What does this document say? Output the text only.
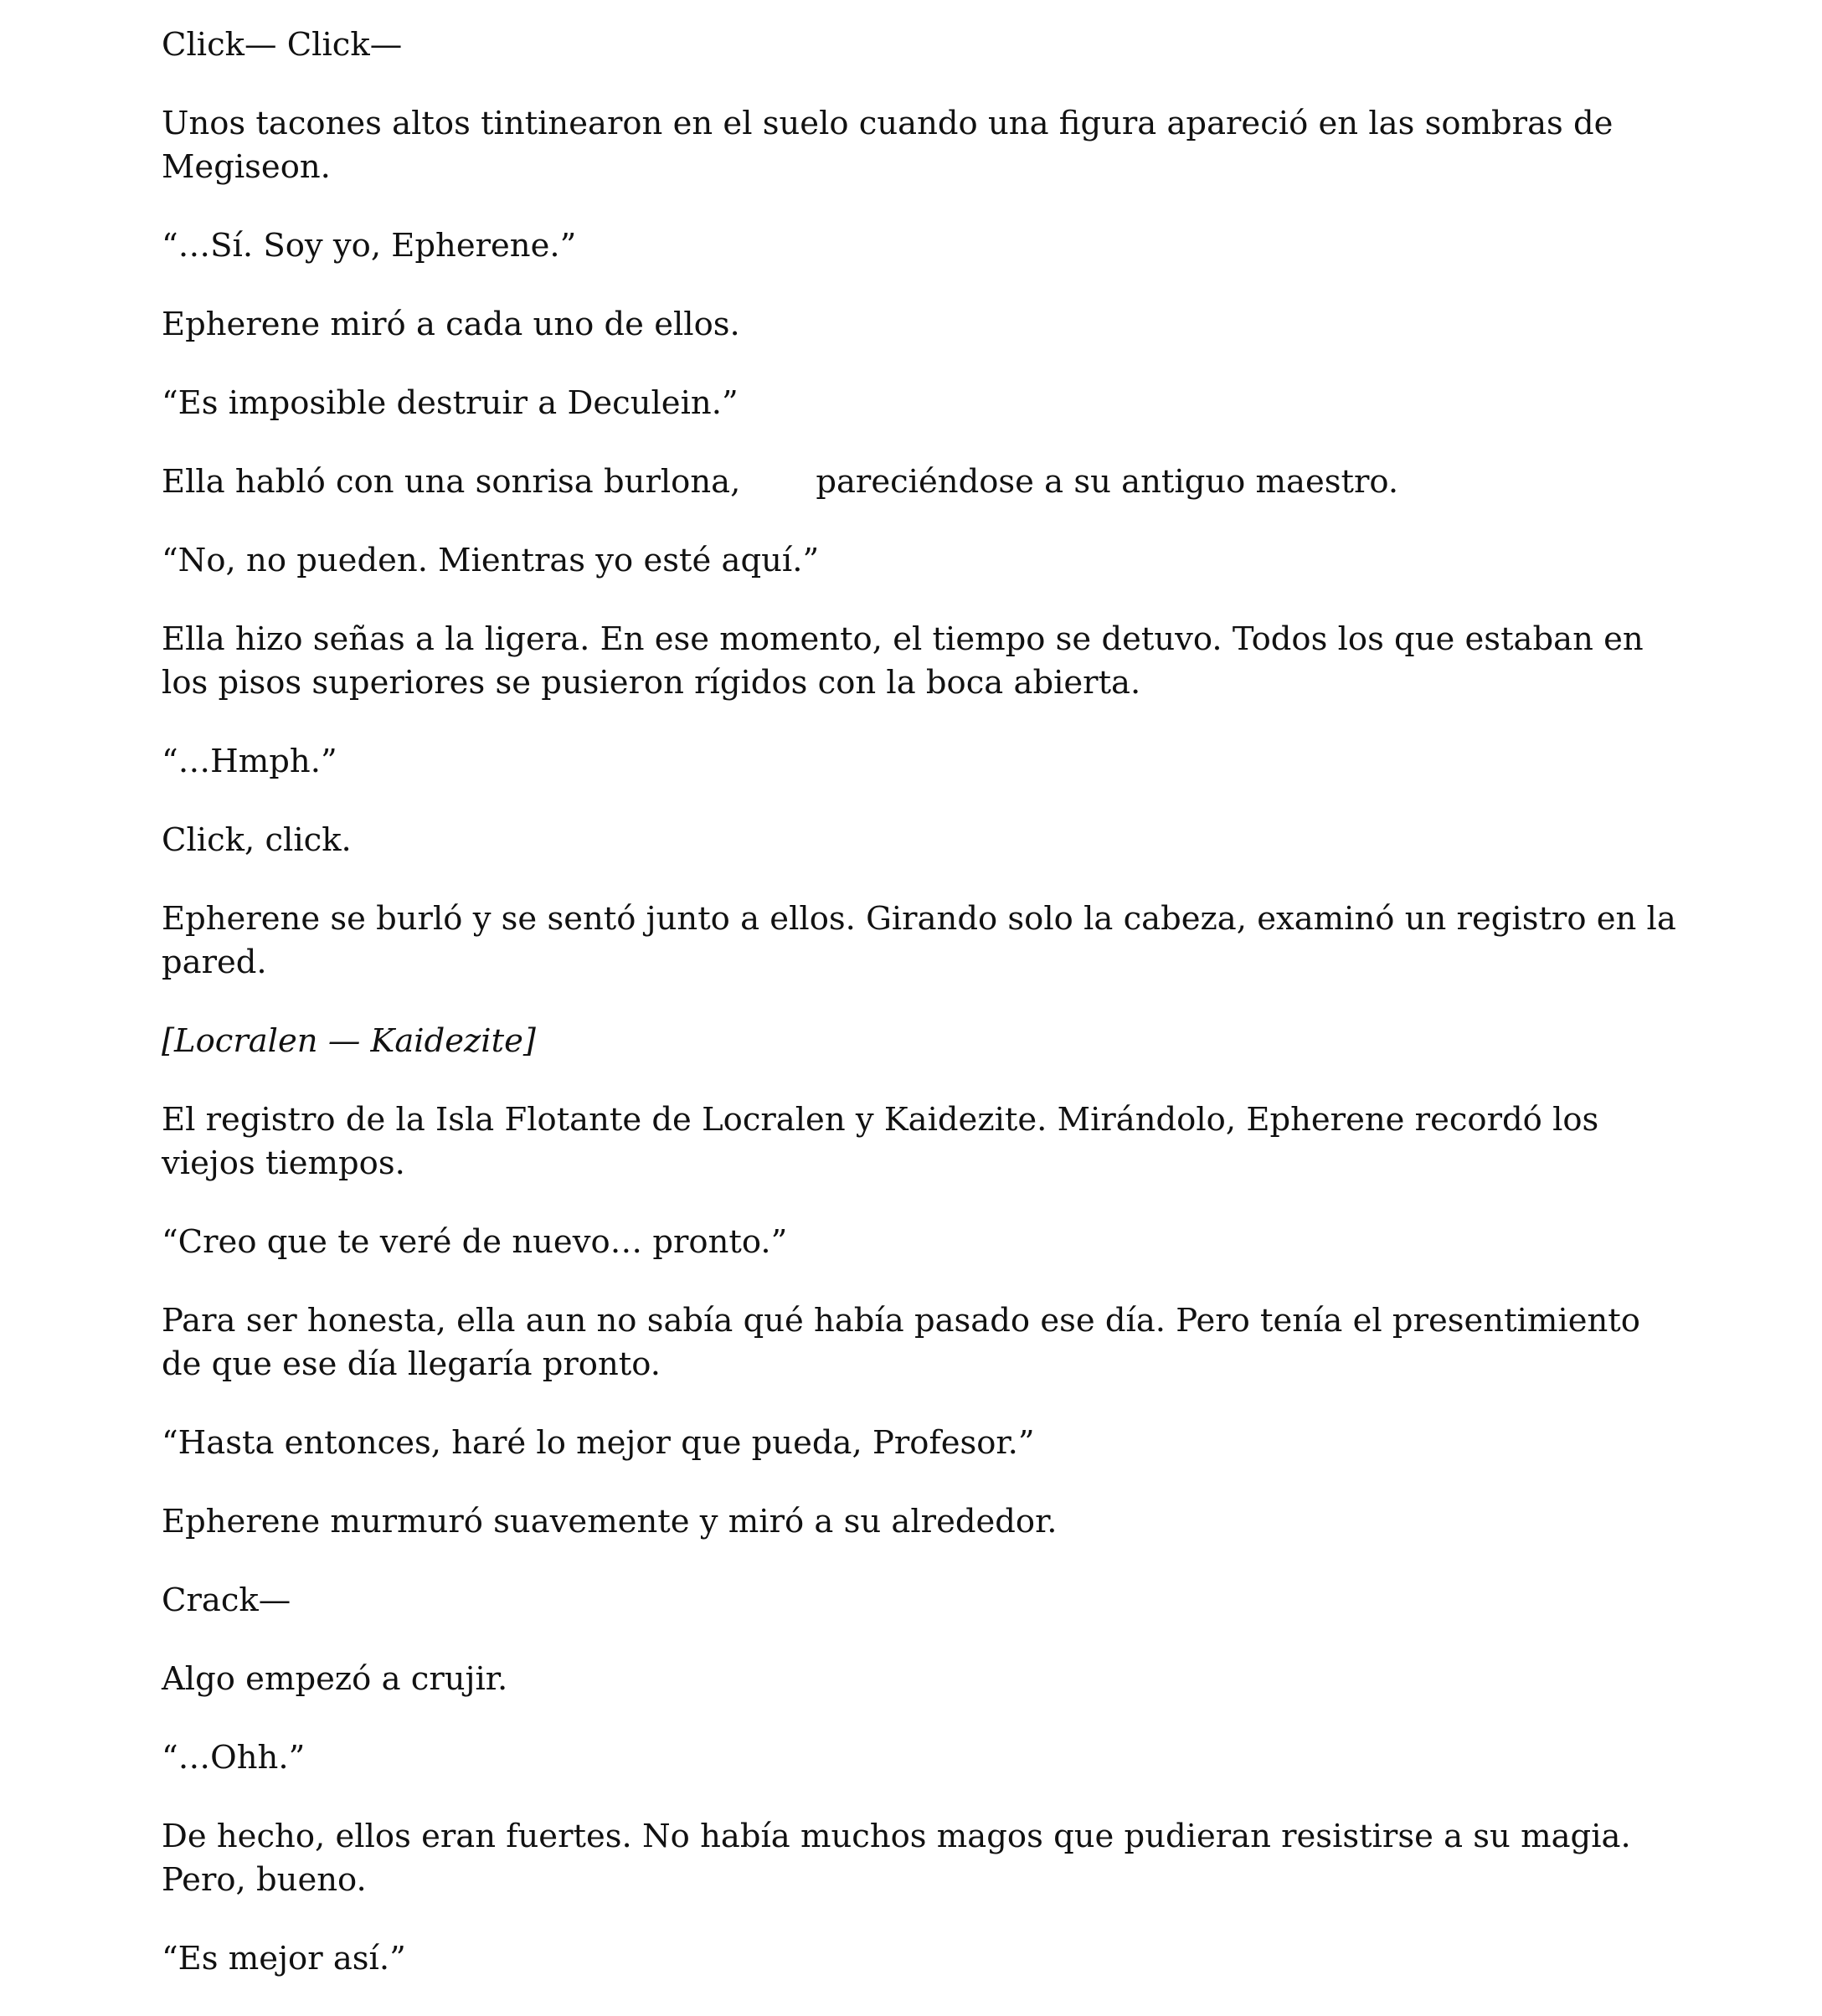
Click— Click—

Unos tacones altos tintinearon en el suelo cuando una figura apareció en las sombras de Megiseon.

“…Sí. Soy yo, Epherene.”

Epherene miró a cada uno de ellos.

“Es imposible destruir a Deculein.”

Ella habló con una sonrisa burlona, pareciéndose a su antiguo maestro.

“No, no pueden. Mientras yo esté aquí.”

Ella hizo señas a la ligera. En ese momento, el tiempo se detuvo. Todos los que estaban en los pisos superiores se pusieron rígidos con la boca abierta.

“…Hmph.”

Click, click.

Epherene se burló y se sentó junto a ellos. Girando solo la cabeza, examinó un registro en la pared.

[Locralen — Kaidezite]

El registro de la Isla Flotante de Locralen y Kaidezite. Mirándolo, Epherene recordó los viejos tiempos.

“Creo que te veré de nuevo… pronto.”

Para ser honesta, ella aun no sabía qué había pasado ese día. Pero tenía el presentimiento de que ese día llegaría pronto.

“Hasta entonces, haré lo mejor que pueda, Profesor.”

Epherene murmuró suavemente y miró a su alrededor.

Crack—

Algo empezó a crujir.

“…Ohh.”

De hecho, ellos eran fuertes. No había muchos magos que pudieran resistirse a su magia. Pero, bueno.

“Es mejor así.”
